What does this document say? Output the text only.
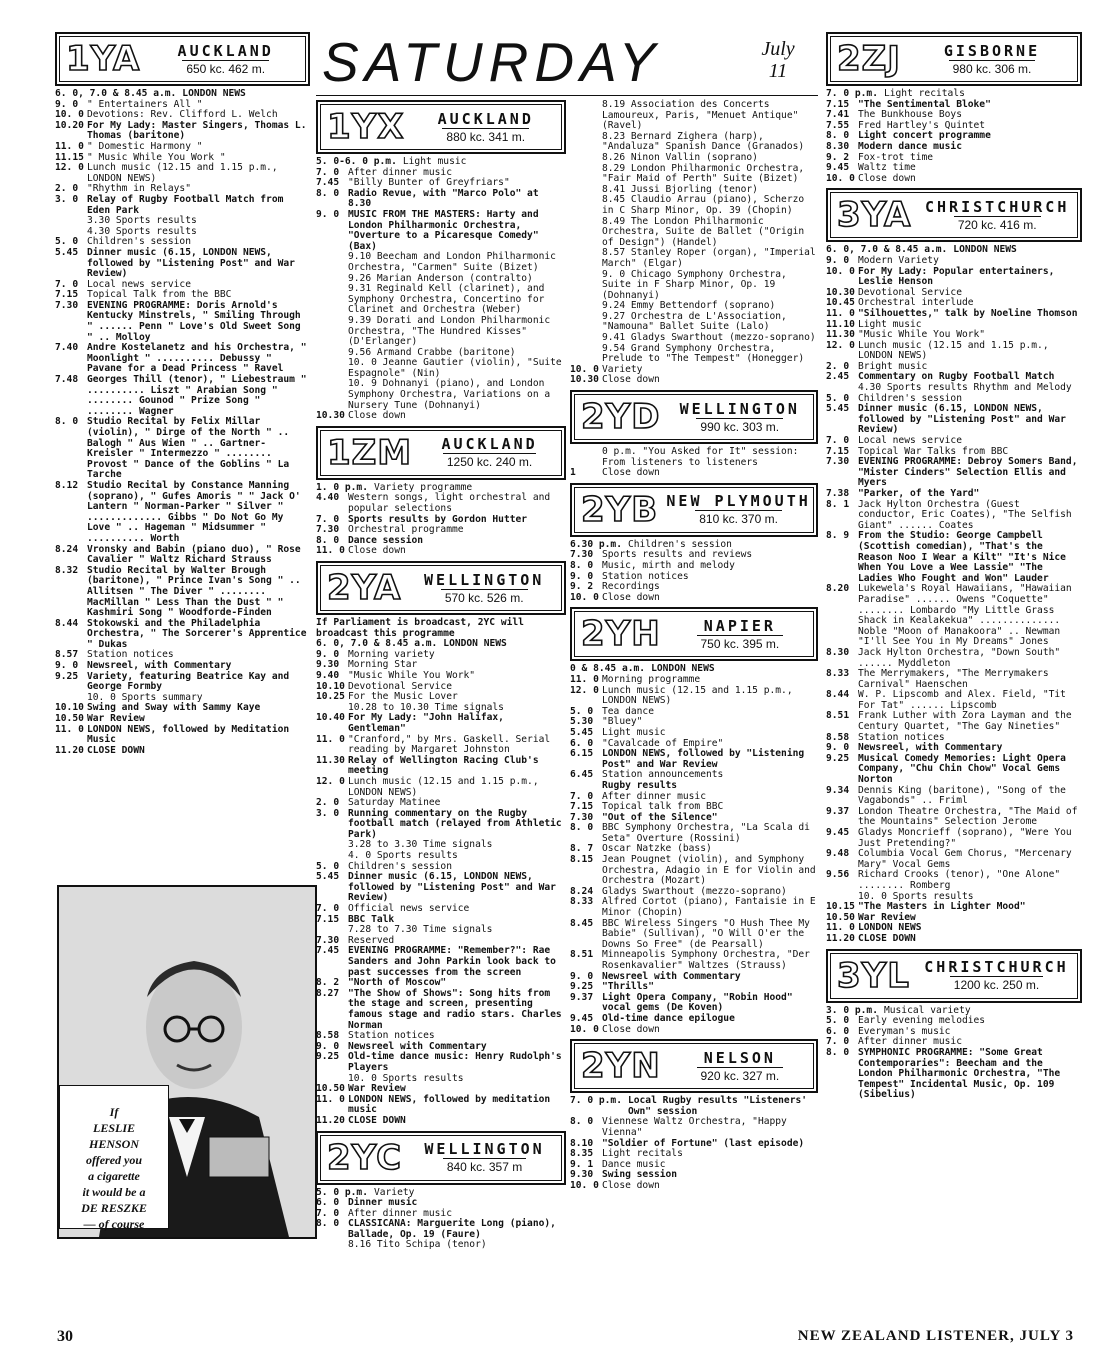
SATURDAY	July
11
1YA	AUCKLAND
650 kc. 462 m.
6. 0, 7.0 & 8.45 a.m. LONDON NEWS
9. 0 " Entertainers All "
10. 0 Devotions: Rev. Clifford L. Welch
10.20 For My Lady: Master Singers, Thomas L. Thomas (baritone)
11. 0 " Domestic Harmony "
11.15 " Music While You Work "
12. 0 Lunch music (12.15 and 1.15 p.m., LONDON NEWS)
2. 0 "Rhythm in Relays"
3. 0 Relay of Rugby Football Match from Eden Park
3.30 Sports results
4.30 Sports results
5. 0 Children's session
5.45 Dinner music (6.15, LONDON NEWS, followed by "Listening Post" and War Review)
7. 0 Local news service
7.15 Topical Talk from the BBC
7.30 EVENING PROGRAMME: Doris Arnold's Kentucky Minstrels, " Smiling Through " ...... Penn " Love's Old Sweet Song " .. Molloy
7.40 Andre Kostelanetz and his Orchestra, " Moonlight " .......... Debussy " Pavane for a Dead Princess " Ravel
7.48 Georges Thill (tenor), " Liebestraum " .......... Liszt " Arabian Song " ........ Gounod " Prize Song " ........ Wagner
8. 0 Studio Recital by Felix Millar (violin), " Dirge of the North " .. Balogh " Aus Wien " .. Gartner-Kreisler " Intermezzo " ........ Provost " Dance of the Goblins " La Tarche
8.12 Studio Recital by Constance Manning (soprano), " Gufes Amoris " " Jack O' Lantern " Norman-Parker " Silver " ............. Gibbs " Do Not Go My Love " .. Hageman " Midsummer " .......... Worth
8.24 Vronsky and Babin (piano duo), " Rose Cavalier " Waltz Richard Strauss
8.32 Studio Recital by Walter Brough (baritone), " Prince Ivan's Song " .. Allitsen " The Diver " ........ MacMillan " Less Than the Dust " " Kashmiri Song " Woodforde-Finden
8.44 Stokowski and the Philadelphia Orchestra, " The Sorcerer's Apprentice " Dukas
8.57 Station notices
9. 0 Newsreel, with Commentary
9.25 Variety, featuring Beatrice Kay and George Formby
10. 0 Sports summary
10.10 Swing and Sway with Sammy Kaye
10.50 War Review
11. 0 LONDON NEWS, followed by Meditation Music
11.20 CLOSE DOWN
If
LESLIE
HENSON
offered you
a cigarette
it would be a
DE RESZKE
— of course
1YX	AUCKLAND
880 kc. 341 m.
5. 0-6. 0 p.m. Light music
7. 0 After dinner music
7.45 "Billy Bunter of Greyfriars"
8. 0 Radio Revue, with "Marco Polo" at 8.30
9. 0 MUSIC FROM THE MASTERS: Harty and London Philharmonic Orchestra, "Overture to a Picaresque Comedy" (Bax)
9.10 Beecham and London Philharmonic Orchestra, "Carmen" Suite (Bizet)
9.26 Marian Anderson (contralto)
9.31 Reginald Kell (clarinet), and Symphony Orchestra, Concertino for Clarinet and Orchestra (Weber)
9.39 Dorati and London Philharmonic Orchestra, "The Hundred Kisses" (D'Erlanger)
9.56 Armand Crabbe (baritone)
10. 0 Jeanne Gautier (violin), "Suite Espagnole" (Nin)
10. 9 Dohnanyi (piano), and London Symphony Orchestra, Variations on a Nursery Tune (Dohnanyi)
10.30 Close down
1ZM	AUCKLAND
1250 kc. 240 m.
1. 0 p.m. Variety programme
4.40 Western songs, light orchestral and popular selections
7. 0 Sports results by Gordon Hutter
7.30 Orchestral programme
8. 0 Dance session
11. 0 Close down
2YA	WELLINGTON
570 kc. 526 m.
If Parliament is broadcast, 2YC will broadcast this programme
6. 0, 7.0 & 8.45 a.m. LONDON NEWS
9. 0 Morning variety
9.30 Morning Star
9.40 "Music While You Work"
10.10 Devotional Service
10.25 For the Music Lover
10.28 to 10.30 Time signals
10.40 For My Lady: "John Halifax, Gentleman"
11. 0 "Cranford," by Mrs. Gaskell. Serial reading by Margaret Johnston
11.30 Relay of Wellington Racing Club's meeting
12. 0 Lunch music (12.15 and 1.15 p.m., LONDON NEWS)
2. 0 Saturday Matinee
3. 0 Running commentary on the Rugby football match (relayed from Athletic Park)
3.28 to 3.30 Time signals
4. 0 Sports results
5. 0 Children's session
5.45 Dinner music (6.15, LONDON NEWS, followed by "Listening Post" and War Review)
7. 0 Official news service
7.15 BBC Talk
7.28 to 7.30 Time signals
7.30 Reserved
7.45 EVENING PROGRAMME: "Remember?": Rae Sanders and John Parkin look back to past successes from the screen
8. 2 "North of Moscow"
8.27 "The Show of Shows": Song hits from the stage and screen, presenting famous stage and radio stars. Charles Norman
8.58 Station notices
9. 0 Newsreel with Commentary
9.25 Old-time dance music: Henry Rudolph's Players
10. 0 Sports results
10.50 War Review
11. 0 LONDON NEWS, followed by meditation music
11.20 CLOSE DOWN
2YC	WELLINGTON
840 kc. 357 m
5. 0 p.m. Variety
6. 0 Dinner music
7. 0 After dinner music
8. 0 CLASSICANA: Marguerite Long (piano), Ballade, Op. 19 (Faure)
8.16 Tito Schipa (tenor)
8.19 Association des Concerts Lamoureux, Paris, "Menuet Antique" (Ravel)
8.23 Bernard Zighera (harp), "Andaluza" Spanish Dance (Granados)
8.26 Ninon Vallin (soprano)
8.29 London Philharmonic Orchestra, "Fair Maid of Perth" Suite (Bizet)
8.41 Jussi Bjorling (tenor)
8.45 Claudio Arrau (piano), Scherzo in C Sharp Minor, Op. 39 (Chopin)
8.49 The London Philharmonic Orchestra, Suite de Ballet ("Origin of Design") (Handel)
8.57 Stanley Roper (organ), "Imperial March" (Elgar)
9. 0 Chicago Symphony Orchestra, Suite in F Sharp Minor, Op. 19 (Dohnanyi)
9.24 Emmy Bettendorf (soprano)
9.27 Orchestra de L'Association, "Namouna" Ballet Suite (Lalo)
9.41 Gladys Swarthout (mezzo-soprano)
9.54 Grand Symphony Orchestra, Prelude to "The Tempest" (Honegger)
10. 0 Variety
10.30 Close down
2YD	WELLINGTON
990 kc. 303 m.
0 p.m. "You Asked for It" session: From listeners to listeners
1	Close down
2YB NEW PLYMOUTH
810 kc. 370 m.
6.30 p.m. Children's session
7.30 Sports results and reviews
8. 0 Music, mirth and melody
9. 0 Station notices
9. 2 Recordings
10. 0 Close down
2YH	NAPIER
750 kc. 395 m.
0 & 8.45 a.m. LONDON NEWS
11. 0 Morning programme
12. 0 Lunch music (12.15 and 1.15 p.m., LONDON NEWS)
5. 0 Tea dance
5.30 "Bluey"
5.45 Light music
6. 0 "Cavalcade of Empire"
6.15 LONDON NEWS, followed by "Listening Post" and War Review
6.45 Station announcements
Rugby results
7. 0 After dinner music
7.15 Topical talk from BBC
7.30 "Out of the Silence"
8. 0 BBC Symphony Orchestra, "La Scala di Seta" Overture (Rossini)
8. 7 Oscar Natzke (bass)
8.15 Jean Pougnet (violin), and Symphony Orchestra, Adagio in E for Violin and Orchestra (Mozart)
8.24 Gladys Swarthout (mezzo-soprano)
8.33 Alfred Cortot (piano), Fantaisie in E Minor (Chopin)
8.45 BBC Wireless Singers "O Hush Thee My Babie" (Sullivan), "O Will O'er the Downs So Free" (de Pearsall)
8.51 Minneapolis Symphony Orchestra, "Der Rosenkavalier" Waltzes (Strauss)
9. 0 Newsreel with Commentary
9.25 "Thrills"
9.37 Light Opera Company, "Robin Hood" vocal gems (De Koven)
9.45 Old-time dance epilogue
10. 0 Close down
2YN	NELSON
920 kc. 327 m.
7. 0 p.m. Local Rugby results "Listeners' Own" session
8. 0 Viennese Waltz Orchestra, "Happy Vienna"
8.10 "Soldier of Fortune" (last episode)
8.35 Light recitals
9. 1 Dance music
9.30 Swing session
10. 0 Close down
2ZJ	GISBORNE
980 kc. 306 m.
7. 0 p.m. Light recitals
7.15 "The Sentimental Bloke"
7.41 The Bunkhouse Boys
7.55 Fred Hartley's Quintet
8. 0 Light concert programme
8.30 Modern dance music
9. 2 Fox-trot time
9.45 Waltz time
10. 0 Close down
3YA CHRISTCHURCH
720 kc. 416 m.
6. 0, 7.0 & 8.45 a.m. LONDON NEWS
9. 0 Modern Variety
10. 0 For My Lady: Popular entertainers, Leslie Henson
10.30 Devotional Service
10.45 Orchestral interlude
11. 0 "Silhouettes," talk by Noeline Thomson
11.10 Light music
11.30 "Music While You Work"
12. 0 Lunch music (12.15 and 1.15 p.m., LONDON NEWS)
2. 0 Bright music
2.45 Commentary on Rugby Football Match
4.30 Sports results Rhythm and Melody
5. 0 Children's session
5.45 Dinner music (6.15, LONDON NEWS, followed by "Listening Post" and War Review)
7. 0 Local news service
7.15 Topical War Talks from BBC
7.30 EVENING PROGRAMME: Debroy Somers Band, "Mister Cinders" Selection Ellis and Myers
7.38 "Parker, of the Yard"
8. 1 Jack Hylton Orchestra (Guest conductor, Eric Coates), "The Selfish Giant" ...... Coates
8. 9 From the Studio: George Campbell (Scottish comedian), "That's the Reason Noo I Wear a Kilt" "It's Nice When You Love a Wee Lassie" "The Ladies Who Fought and Won" Lauder
8.20 Lukewela's Royal Hawaiians, "Hawaiian Paradise" ...... Owens "Coquette" ........ Lombardo "My Little Grass Shack in Kealakekua" .............. Noble "Moon of Manakoora" .. Newman "I'll See You in My Dreams" Jones
8.30 Jack Hylton Orchestra, "Down South" ...... Myddleton
8.33 The Merrymakers, "The Merrymakers Carnival" Haenschen
8.44 W. P. Lipscomb and Alex. Field, "Tit For Tat" ...... Lipscomb
8.51 Frank Luther with Zora Layman and the Century Quartet, "The Gay Nineties"
8.58 Station notices
9. 0 Newsreel, with Commentary
9.25 Musical Comedy Memories: Light Opera Company, "Chu Chin Chow" Vocal Gems Norton
9.34 Dennis King (baritone), "Song of the Vagabonds" .. Friml
9.37 London Theatre Orchestra, "The Maid of the Mountains" Selection Jerome
9.45 Gladys Moncrieff (soprano), "Were You Just Pretending?"
9.48 Columbia Vocal Gem Chorus, "Mercenary Mary" Vocal Gems
9.56 Richard Crooks (tenor), "One Alone" ........ Romberg
10. 0 Sports results
10.15 "The Masters in Lighter Mood"
10.50 War Review
11. 0 LONDON NEWS
11.20 CLOSE DOWN
3YL CHRISTCHURCH
1200 kc. 250 m.
3. 0 p.m. Musical variety
5. 0 Early evening melodies
6. 0 Everyman's music
7. 0 After dinner music
8. 0 SYMPHONIC PROGRAMME: "Some Great Contemporaries": Beecham and the London Philharmonic Orchestra, "The Tempest" Incidental Music, Op. 109 (Sibelius)
30	NEW ZEALAND LISTENER, JULY 3
